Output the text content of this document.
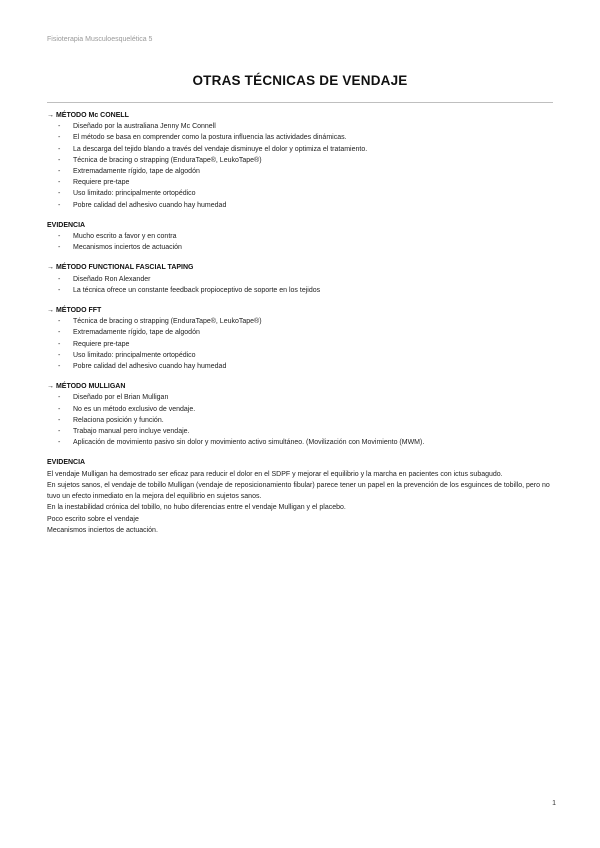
Fisioterapia Musculoesquelética 5
OTRAS TÉCNICAS DE VENDAJE
→ MÉTODO Mc CONELL
- Diseñado por la australiana Jenny Mc Connell
- El método se basa en comprender como la postura influencia las actividades dinámicas.
- La descarga del tejido blando a través del vendaje disminuye el dolor y optimiza el tratamiento.
- Técnica de bracing o strapping (EnduraTape®, LeukoTape®)
- Extremadamente rígido, tape de algodón
- Requiere pre-tape
- Uso limitado: principalmente ortopédico
- Pobre calidad del adhesivo cuando hay humedad
EVIDENCIA
- Mucho escrito a favor y en contra
- Mecanismos inciertos de actuación
→ MÉTODO FUNCTIONAL FASCIAL TAPING
- Diseñado Ron Alexander
- La técnica ofrece un constante feedback propioceptivo de soporte en los tejidos
→ MÉTODO FFT
- Técnica de bracing o strapping (EnduraTape®, LeukoTape®)
- Extremadamente rígido, tape de algodón
- Requiere pre-tape
- Uso limitado: principalmente ortopédico
- Pobre calidad del adhesivo cuando hay humedad
→ MÉTODO MULLIGAN
- Diseñado por el Brian Mulligan
- No es un método exclusivo de vendaje.
- Relaciona posición y función.
- Trabajo manual pero incluye vendaje.
- Aplicación de movimiento pasivo sin dolor y movimiento activo simultáneo. (Movilización con Movimiento (MWM).
EVIDENCIA

El vendaje Mulligan ha demostrado ser eficaz para reducir el dolor en el SDPF y mejorar el equilibrio y la marcha en pacientes con ictus subagudo.

En sujetos sanos, el vendaje de tobillo Mulligan (vendaje de reposicionamiento fibular) parece tener un papel en la prevención de los esguinces de tobillo, pero no tuvo un efecto inmediato en la mejora del equilibrio en sujetos sanos.

En la inestabilidad crónica del tobillo, no hubo diferencias entre el vendaje Mulligan y el placebo.

Poco escrito sobre el vendaje

Mecanismos inciertos de actuación.

1
